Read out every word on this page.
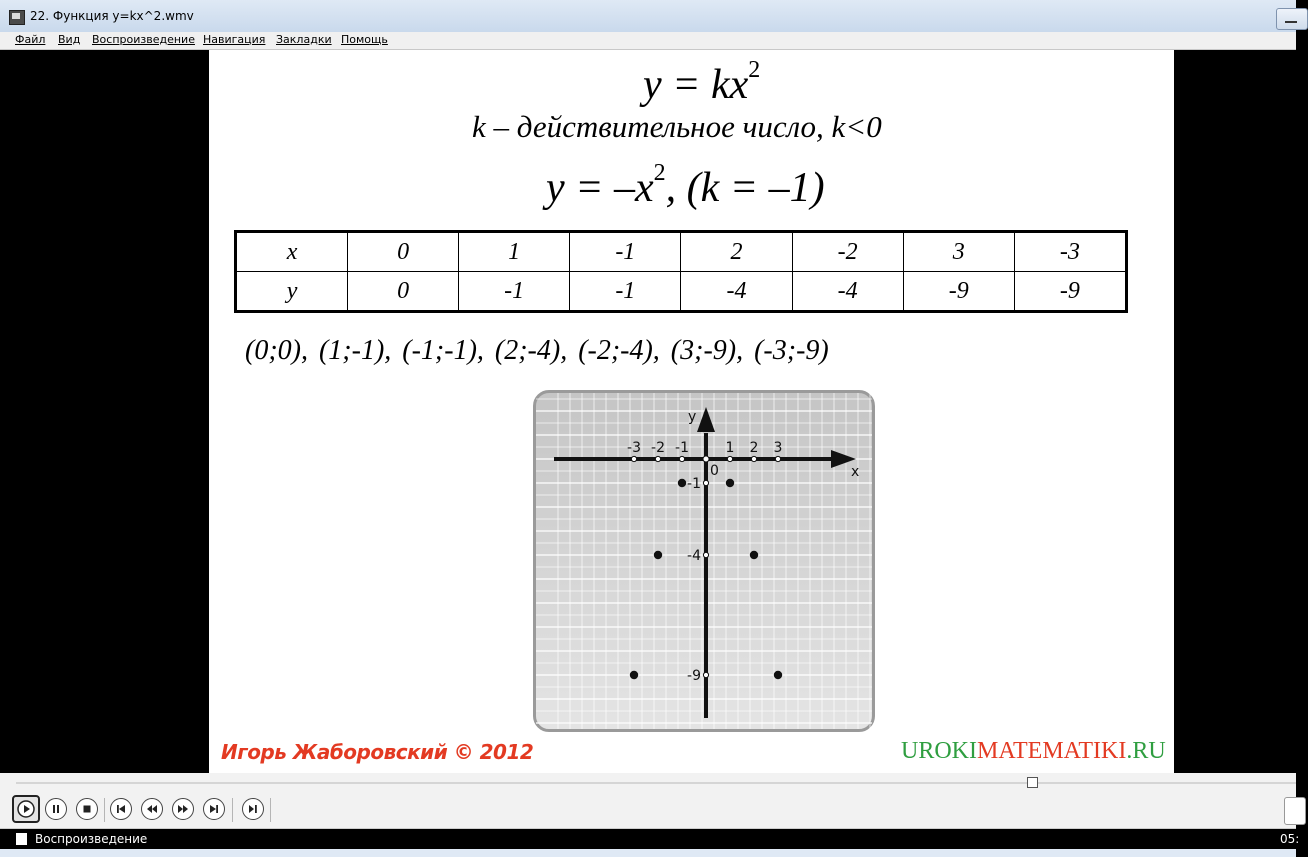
22. Функция y=kx^2.wmv
Файл Вид Воспроизведение Навигация Закладки Помощь
$y = kx^2$
k – действительное число, k<0
$y = -x^2$, (k = –1)
x	0	1	-1	2	-2	3	-3
y	0	-1	-1	-4	-4	-9	-9
(0;0), (1;-1), (-1;-1), (2;-4), (-2;-4), (3;-9), (-3;-9)
x
y
-3 -2 -1	1 2 3
0
-1
-4
-9
Игорь Жаборовский © 2012	UROKIMATEMATIKI.RU
Воспроизведение	05:
